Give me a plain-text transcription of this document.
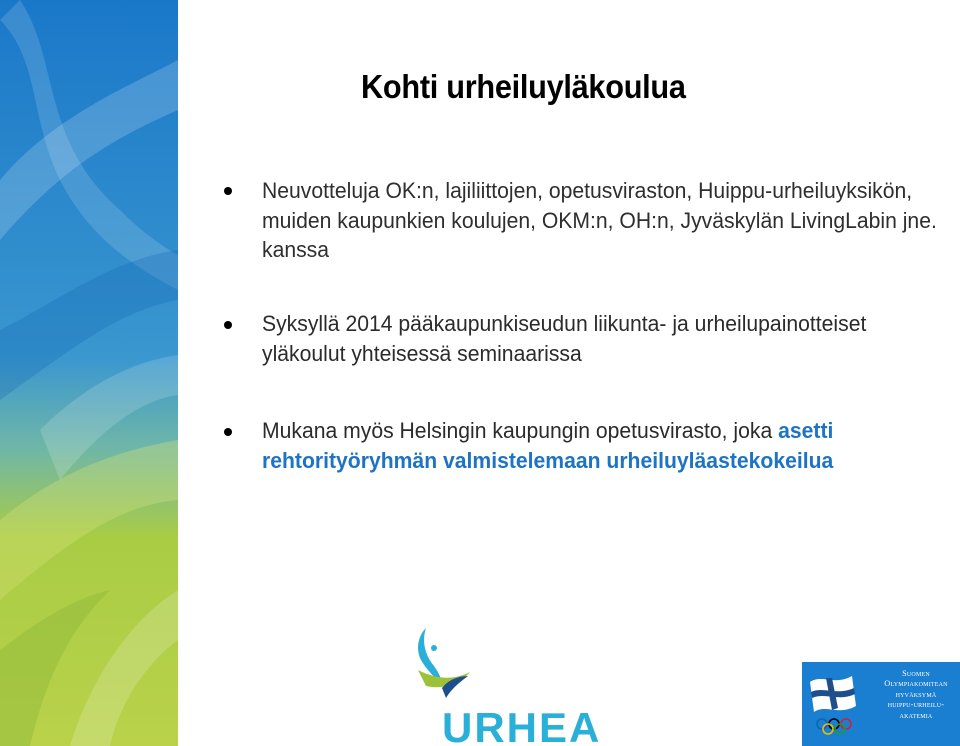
Kohti urheiluyläkoulua
Neuvotteluja OK:n, lajiliittojen, opetusviraston, Huippu-urheiluyksikön, muiden kaupunkien koulujen, OKM:n, OH:n, Jyväskylän LivingLabin jne. kanssa
Syksyllä 2014 pääkaupunkiseudun liikunta- ja urheilupainotteiset yläkoulut yhteisessä seminaarissa
Mukana myös Helsingin kaupungin opetusvirasto, joka asetti rehtorityöryhmän valmistelemaan urheiluyläastekokeilua
URHEA
Suomen
Olympiakomitean
hyväksymä
huippu-urheilu-
akatemia
